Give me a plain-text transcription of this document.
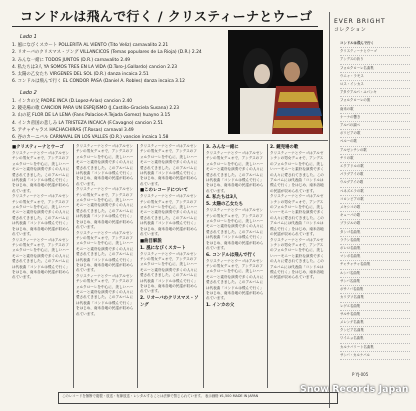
コンドルは飛んで行く / クリスティーナとウーゴ	EVER BRIGHT
コレクション
Lado 1
1. 風になびくスカート POLLERITA AL VIENTO (Tito Veliz) carnavalito 2.21
2. リオーバのクリスマス・ソング VILLANCICOS (Temas populares de La Rioja) (D.R.) 2.24
3. みんな一緒に TODOS JUNTOS (D.R.) carnavalito 2.49
4. 私たちは3人 YA SOMOS TRES EN LA VIDA (D.Toro-J.Gallardo) cancion 2.23
5. 太陽の乙女たち VIRGENES DEL SOL (D.R.) danza incaica 2.51
6. コンドルは飛んで行く EL CONDOR PASA (Daniel A. Robles) danza incaica 3.12
Lado 2
1. インカの父 PADRE INCA (D.Lopez-Arias) cancion 2.40
2. 鏡売場の歌 CANCION PARA UN ESPEJISMO (J.Castillo-Graciela Susana) 2.23
3. 山の花 FLOR DE LA LENA (Fans Palacios-A.Tejada Gomez) huayno 3.15
4. インカ帝国の悲しみ LA TRISTEZA INCAICA (F.Cavagno) cancion 2.51
5. アチャチャラス HACHACHIRAS (T.Rosas) carnaval 3.49
6. 谷のカーニバル CARNAVAL EN LOS VALLES (D.R.) vancion incaica 1.58
■クリスティーナとウーゴ
クリスティーナとウーゴはアルゼンチンの男女デュオで、アンデスのフォルクローレを中心に、美しいハーモニーと素朴な演奏で多くの人々に愛されてきました。このアルバムには代表曲「コンドルは飛んで行く」をはじめ、南米各地の民謡が収められています。
クリスティーナとウーゴはアルゼンチンの男女デュオで、アンデスのフォルクローレを中心に、美しいハーモニーと素朴な演奏で多くの人々に愛されてきました。このアルバムには代表曲「コンドルは飛んで行く」をはじめ、南米各地の民謡が収められています。
クリスティーナとウーゴはアルゼンチンの男女デュオで、アンデスのフォルクローレを中心に、美しいハーモニーと素朴な演奏で多くの人々に愛されてきました。このアルバムには代表曲「コンドルは飛んで行く」をはじめ、南米各地の民謡が収められています。
クリスティーナとウーゴはアルゼンチンの男女デュオで、アンデスのフォルクローレを中心に、美しいハーモニーと素朴な演奏で多くの人々に愛されてきました。このアルバムには代表曲「コンドルは飛んで行く」をはじめ、南米各地の民謡が収められています。
クリスティーナとウーゴはアルゼンチンの男女デュオで、アンデスのフォルクローレを中心に、美しいハーモニーと素朴な演奏で多くの人々に愛されてきました。このアルバムには代表曲「コンドルは飛んで行く」をはじめ、南米各地の民謡が収められています。
クリスティーナとウーゴはアルゼンチンの男女デュオで、アンデスのフォルクローレを中心に、美しいハーモニーと素朴な演奏で多くの人々に愛されてきました。このアルバムには代表曲「コンドルは飛んで行く」をはじめ、南米各地の民謡が収められています。
クリスティーナとウーゴはアルゼンチンの男女デュオで、アンデスのフォルクローレを中心に、美しいハーモニーと素朴な演奏で多くの人々に愛されてきました。このアルバムには代表曲「コンドルは飛んで行く」をはじめ、南米各地の民謡が収められています。
クリスティーナとウーゴはアルゼンチンの男女デュオで、アンデスのフォルクローレを中心に、美しいハーモニーと素朴な演奏で多くの人々に愛されてきました。このアルバムには代表曲「コンドルは飛んで行く」をはじめ、南米各地の民謡が収められています。
■このレコードについて
クリスティーナとウーゴはアルゼンチンの男女デュオで、アンデスのフォルクローレを中心に、美しいハーモニーと素朴な演奏で多くの人々に愛されてきました。このアルバムには代表曲「コンドルは飛んで行く」をはじめ、南米各地の民謡が収められています。
■曲目解説
1. 風になびくスカート
クリスティーナとウーゴはアルゼンチンの男女デュオで、アンデスのフォルクローレを中心に、美しいハーモニーと素朴な演奏で多くの人々に愛されてきました。このアルバムには代表曲「コンドルは飛んで行く」をはじめ、南米各地の民謡が収められています。
2. リオーバのクリスマス・ソング
3. みんな一緒に
クリスティーナとウーゴはアルゼンチンの男女デュオで、アンデスのフォルクローレを中心に、美しいハーモニーと素朴な演奏で多くの人々に愛されてきました。このアルバムには代表曲「コンドルは飛んで行く」をはじめ、南米各地の民謡が収められています。
4. 私たちは3人
5. 太陽の乙女たち
クリスティーナとウーゴはアルゼンチンの男女デュオで、アンデスのフォルクローレを中心に、美しいハーモニーと素朴な演奏で多くの人々に愛されてきました。このアルバムには代表曲「コンドルは飛んで行く」をはじめ、南米各地の民謡が収められています。
6. コンドルは飛んで行く
クリスティーナとウーゴはアルゼンチンの男女デュオで、アンデスのフォルクローレを中心に、美しいハーモニーと素朴な演奏で多くの人々に愛されてきました。このアルバムには代表曲「コンドルは飛んで行く」をはじめ、南米各地の民謡が収められています。
1. インカの父
2. 鏡売場の歌
クリスティーナとウーゴはアルゼンチンの男女デュオで、アンデスのフォルクローレを中心に、美しいハーモニーと素朴な演奏で多くの人々に愛されてきました。このアルバムには代表曲「コンドルは飛んで行く」をはじめ、南米各地の民謡が収められています。
クリスティーナとウーゴはアルゼンチンの男女デュオで、アンデスのフォルクローレを中心に、美しいハーモニーと素朴な演奏で多くの人々に愛されてきました。このアルバムには代表曲「コンドルは飛んで行く」をはじめ、南米各地の民謡が収められています。
クリスティーナとウーゴはアルゼンチンの男女デュオで、アンデスのフォルクローレを中心に、美しいハーモニーと素朴な演奏で多くの人々に愛されてきました。このアルバムには代表曲「コンドルは飛んで行く」をはじめ、南米各地の民謡が収められています。
コンドルは飛んで行く
クリスティーナとウーゴ
アンデスの祈り
フォルクローレ名曲集
ウニャ・ラモス
ロス・インカス
アタウアルパ・ユパンキ
フォルクローレの旅
南米の歌
ケーナの響き
アルパの調べ
ボリビアの歌
ペルーの歌
アルゼンチンの歌
チリの歌
エクアドルの歌
パラグアイの歌
ウルグアイの歌
ベネズエラの歌
コロンビアの歌
メキシコの歌
キューバの歌
ブラジルの歌
タンゴ名曲集
ラテン名曲集
ボレロ名曲集
マンボ名曲集
チャチャチャ名曲集
ルンバ名曲集
サンバ名曲集
ボサノバ名曲集
カリプソ名曲集
レゲエ名曲集
サルサ名曲集
メレンゲ名曲集
クンビア名曲集
ワイニョ名曲集
カルナバリート名曲集
サンバ・カルナバル
P YJ-005
このレコードを無断で複製・放送・有線放送・レンタルすることは法律で禁じられています。 表示価格 ¥1,500 MADE IN JAPAN
Snow Records Japan
